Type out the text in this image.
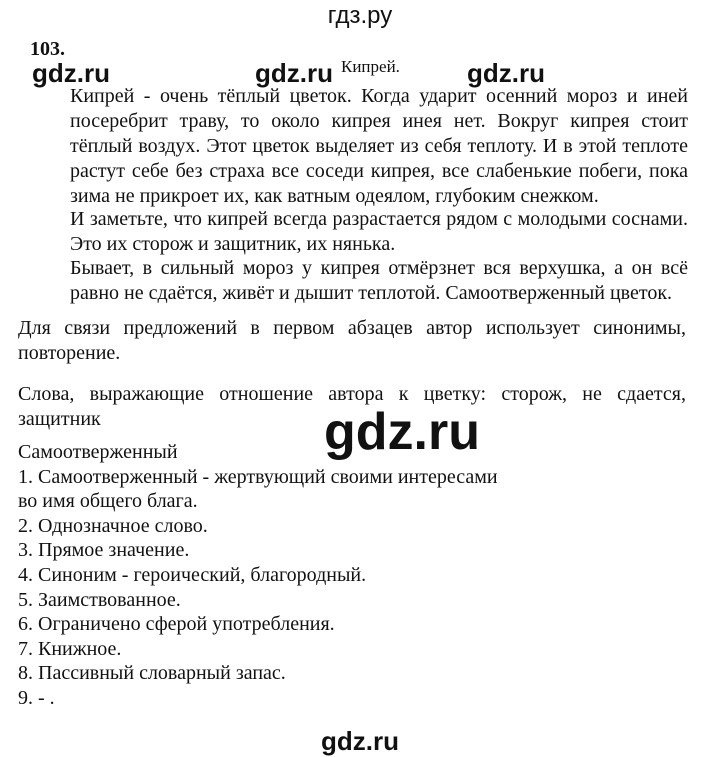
гдз.ру
103.
gdz.ru	gdz.ru	gdz.ru
Кипрей.
Кипрей - очень тёплый цветок. Когда ударит осенний мороз и иней посеребрит траву, то около кипрея инея нет. Вокруг кипрея стоит тёплый воздух. Этот цветок выделяет из себя теплоту. И в этой теплоте растут себе без страха все соседи кипрея, все слабенькие побеги, пока зима не прикроет их, как ватным одеялом, глубоким снежком.
И заметьте, что кипрей всегда разрастается рядом с молодыми соснами. Это их сторож и защитник, их нянька.
Бывает, в сильный мороз у кипрея отмёрзнет вся верхушка, а он всё равно не сдаётся, живёт и дышит теплотой. Самоотверженный цветок.
Для связи предложений в первом абзацев автор использует синонимы, повторение.
Слова, выражающие отношение автора к цветку: сторож, не сдается, защитник	gdz.ru
Самоотверженный
1. Самоотверженный - жертвующий своими интересами
во имя общего блага.
2. Однозначное слово.
3. Прямое значение.
4. Синоним - героический, благородный.
5. Заимствованное.
6. Ограничено сферой употребления.
7. Книжное.
8. Пассивный словарный запас.
9. - .
gdz.ru
